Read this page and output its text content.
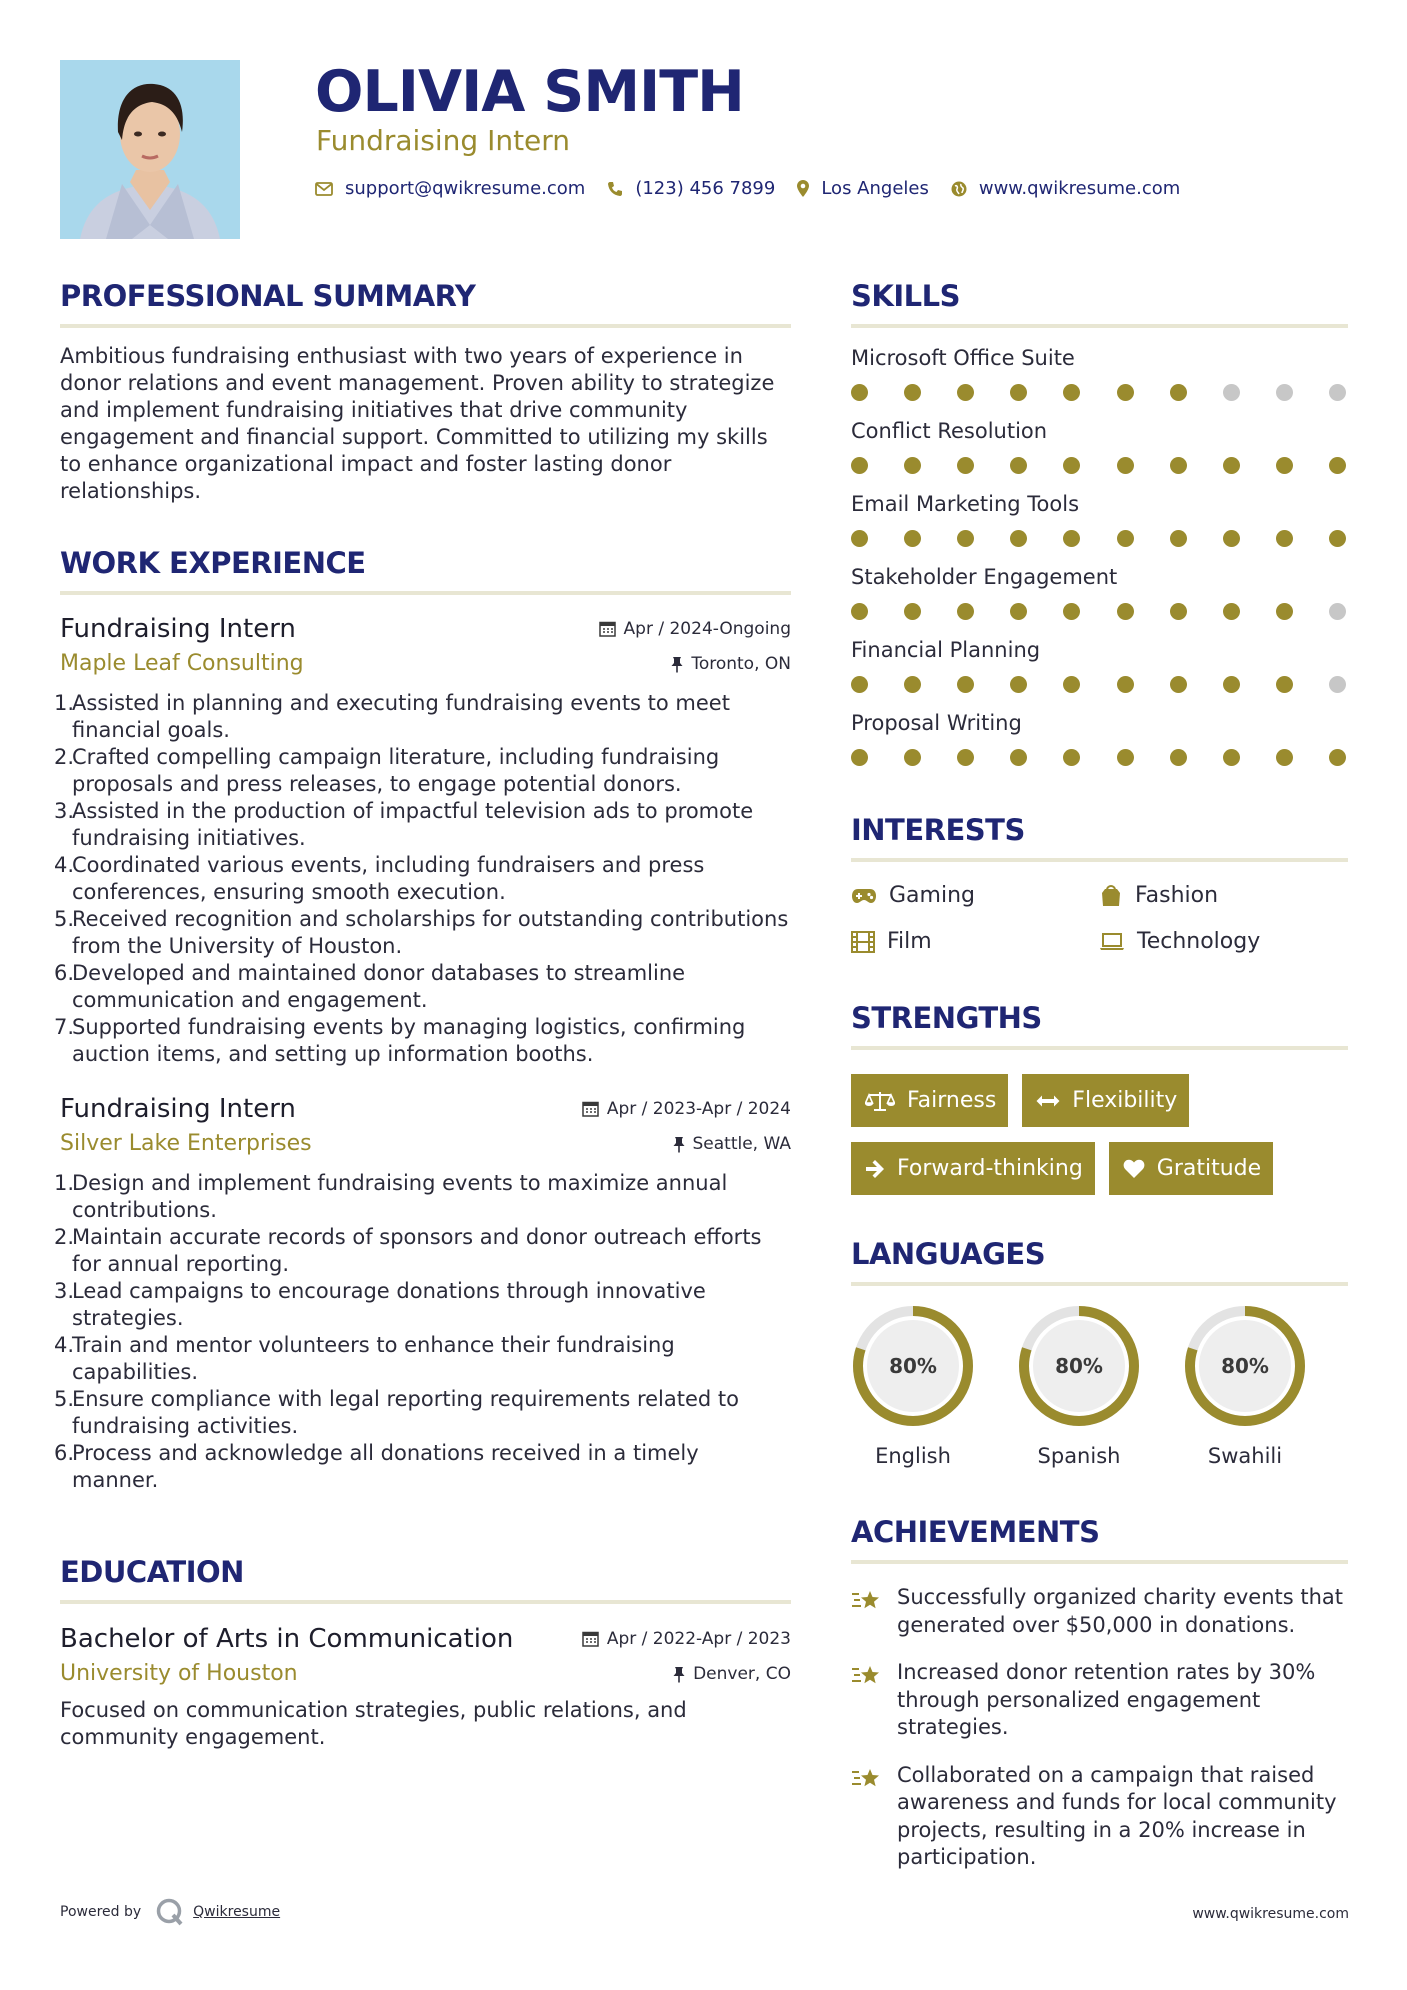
OLIVIA SMITH
Fundraising Intern
support@qwikresume.com	(123) 456 7899	Los Angeles	www.qwikresume.com
PROFESSIONAL SUMMARY

Ambitious fundraising enthusiast with two years of experience in donor relations and event management. Proven ability to strategize and implement fundraising initiatives that drive community engagement and financial support. Committed to utilizing my skills to enhance organizational impact and foster lasting donor relationships.

WORK EXPERIENCE
Fundraising Intern	Apr / 2024-Ongoing
Maple Leaf Consulting	Toronto, ON
1.
Assisted in planning and executing fundraising events to meet financial goals.
2.
Crafted compelling campaign literature, including fundraising proposals and press releases, to engage potential donors.
3.
Assisted in the production of impactful television ads to promote fundraising initiatives.
4.
Coordinated various events, including fundraisers and press conferences, ensuring smooth execution.
5.
Received recognition and scholarships for outstanding contributions from the University of Houston.
6.
Developed and maintained donor databases to streamline communication and engagement.
7.
Supported fundraising events by managing logistics, confirming auction items, and setting up information booths.
Fundraising Intern	Apr / 2023-Apr / 2024
Silver Lake Enterprises	Seattle, WA
1.
Design and implement fundraising events to maximize annual contributions.
2.
Maintain accurate records of sponsors and donor outreach efforts for annual reporting.
3.
Lead campaigns to encourage donations through innovative strategies.
4.
Train and mentor volunteers to enhance their fundraising capabilities.
5.
Ensure compliance with legal reporting requirements related to fundraising activities.
6.
Process and acknowledge all donations received in a timely manner.
EDUCATION
Bachelor of Arts in Communication	Apr / 2022-Apr / 2023
University of Houston	Denver, CO

Focused on communication strategies, public relations, and community engagement.

SKILLS
Microsoft Office Suite
Conflict Resolution
Email Marketing Tools
Stakeholder Engagement
Financial Planning
Proposal Writing
INTERESTS
Gaming	Fashion
Film	Technology
STRENGTHS
Fairness	Flexibility
Forward-thinking	Gratitude
LANGUAGES
80%
English
80%
Spanish
80%
Swahili
ACHIEVEMENTS
Successfully organized charity events that generated over $50,000 in donations.
Increased donor retention rates by 30% through personalized engagement strategies.
Collaborated on a campaign that raised awareness and funds for local community projects, resulting in a 20% increase in participation.
Powered by	Qwikresume	www.qwikresume.com
